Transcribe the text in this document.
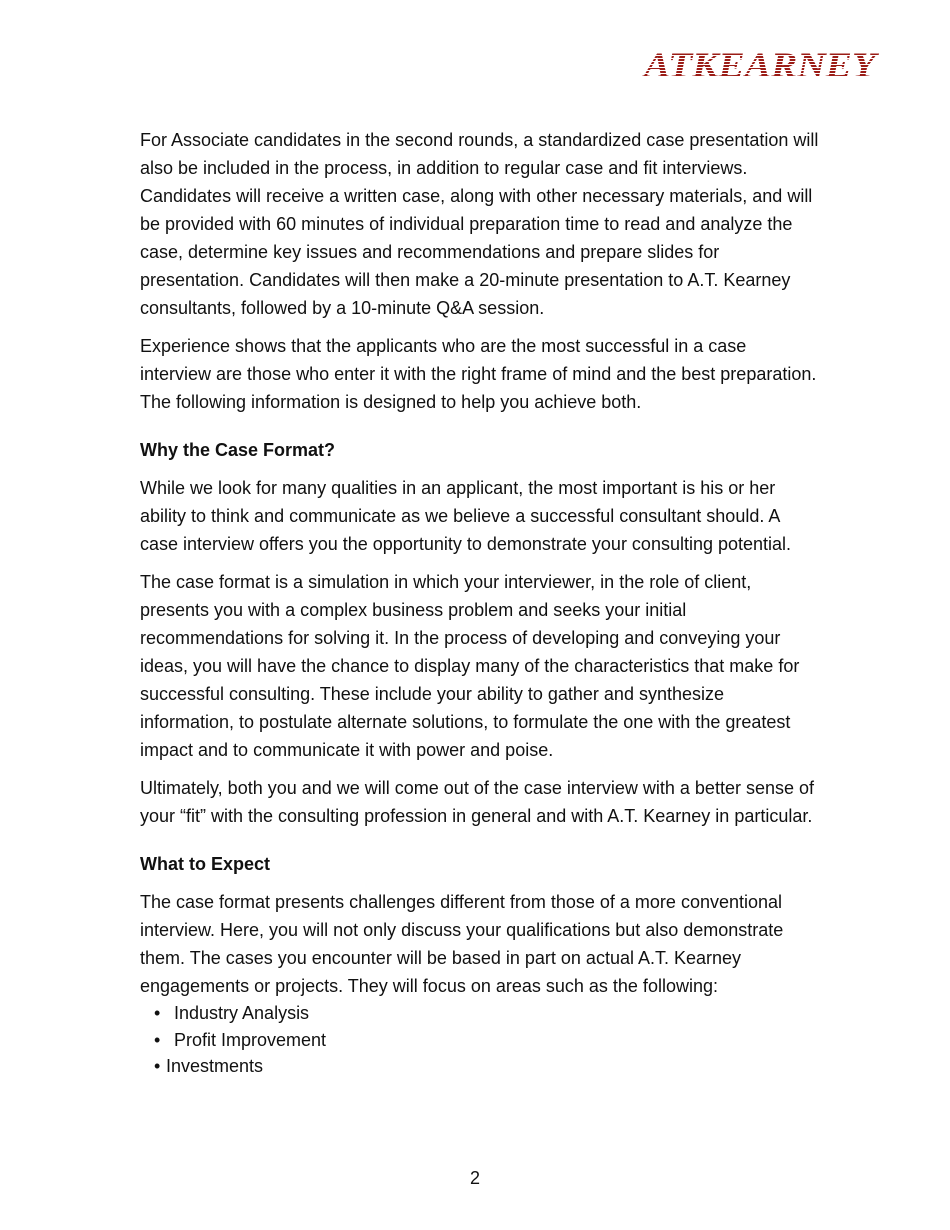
ATKEARNEY

For Associate candidates in the second rounds, a standardized case presentation will also be included in the process, in addition to regular case and fit interviews. Candidates will receive a written case, along with other necessary materials, and will be provided with 60 minutes of individual preparation time to read and analyze the case, determine key issues and recommendations and prepare slides for presentation. Candidates will then make a 20-minute presentation to A.T. Kearney consultants, followed by a 10-minute Q&A session.

Experience shows that the applicants who are the most successful in a case interview are those who enter it with the right frame of mind and the best preparation. The following information is designed to help you achieve both.

Why the Case Format?

While we look for many qualities in an applicant, the most important is his or her ability to think and communicate as we believe a successful consultant should. A case interview offers you the opportunity to demonstrate your consulting potential.

The case format is a simulation in which your interviewer, in the role of client, presents you with a complex business problem and seeks your initial recommendations for solving it. In the process of developing and conveying your ideas, you will have the chance to display many of the characteristics that make for successful consulting. These include your ability to gather and synthesize information, to postulate alternate solutions, to formulate the one with the greatest impact and to communicate it with power and poise.

Ultimately, both you and we will come out of the case interview with a better sense of your “fit” with the consulting profession in general and with A.T. Kearney in particular.

What to Expect

The case format presents challenges different from those of a more conventional interview. Here, you will not only discuss your qualifications but also demonstrate them. The cases you encounter will be based in part on actual A.T. Kearney engagements or projects. They will focus on areas such as the following:

• Industry Analysis
• Profit Improvement
• Investments
2
